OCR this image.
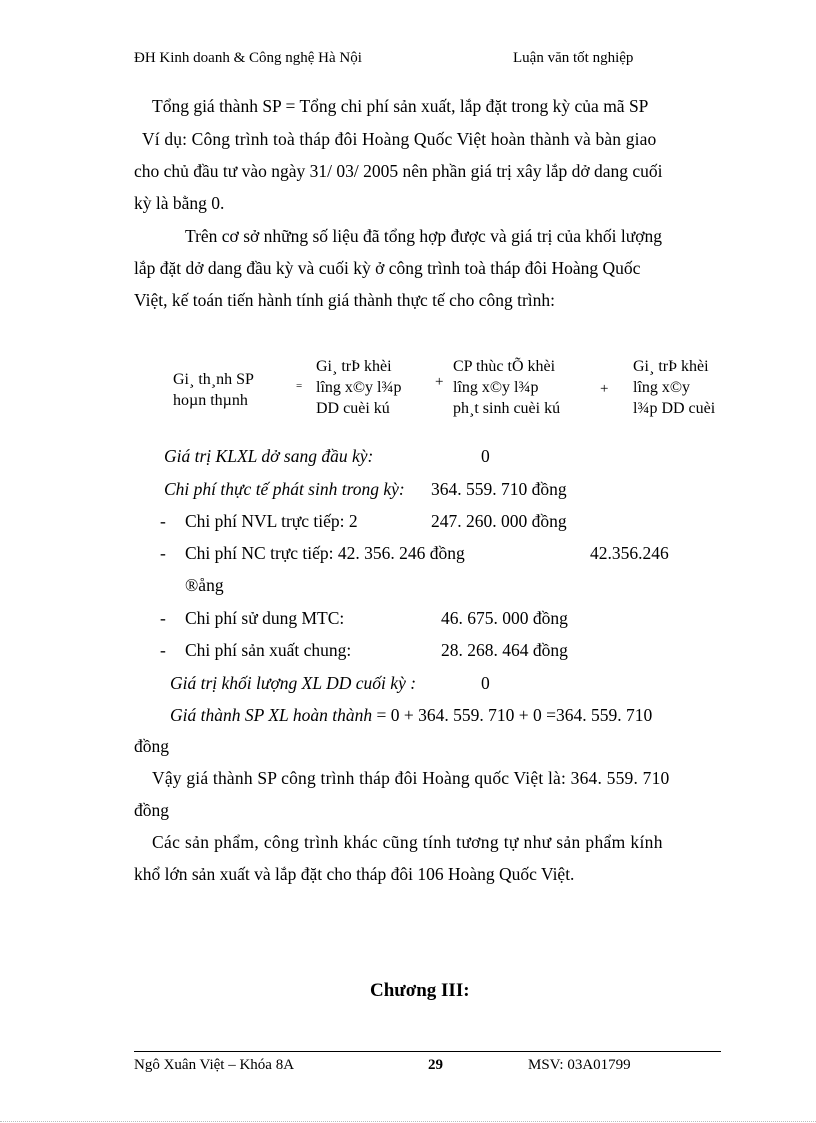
ĐH Kinh doanh & Công nghệ Hà Nội	Luận văn tốt nghiệp
Tổng giá thành SP = Tổng chi phí sản xuất, lắp đặt trong kỳ của mã SP
Ví dụ: Công trình toà tháp đôi Hoàng Quốc Việt hoàn thành và bàn giao
cho chủ đầu tư vào ngày 31/ 03/ 2005 nên phần giá trị xây lắp dở dang cuối
kỳ là bằng 0.
Trên cơ sở những số liệu đã tổng hợp được và giá trị của khối lượng
lắp đặt dở dang đầu kỳ và cuối kỳ ở công trình toà tháp đôi Hoàng Quốc
Việt, kế toán tiến hành tính giá thành thực tế cho công trình:
Gi¸ th¸nh SP
hoµn thµnh
=
Gi¸ trÞ khèi
lîng x©y l¾p
DD cuèi kú
+
CP thùc tÕ khèi
lîng x©y l¾p
ph¸t sinh cuèi kú
+
Gi¸ trÞ khèi
lîng x©y
l¾p DD cuèi
Giá trị KLXL dở sang đầu kỳ:	0
Chi phí thực tế phát sinh trong kỳ: 364. 559. 710 đồng
- Chi phí NVL trực tiếp: 2	247. 260. 000 đồng
- Chi phí NC trực tiếp: 42. 356. 246 đồng	42.356.246
®ång
- Chi phí sử dung MTC:	46. 675. 000 đồng
- Chi phí sản xuất chung:	28. 268. 464 đồng
Giá trị khối lượng XL DD cuối kỳ :	0
Giá thành SP XL hoàn thành = 0 + 364. 559. 710 + 0 =364. 559. 710
đồng
Vậy giá thành SP công trình tháp đôi Hoàng quốc Việt là: 364. 559. 710
đồng
Các sản phẩm, công trình khác cũng tính tương tự như sản phẩm kính
khổ lớn sản xuất và lắp đặt cho tháp đôi 106 Hoàng Quốc Việt.
Chương III:
Ngô Xuân Việt – Khóa 8A	29	MSV: 03A01799
